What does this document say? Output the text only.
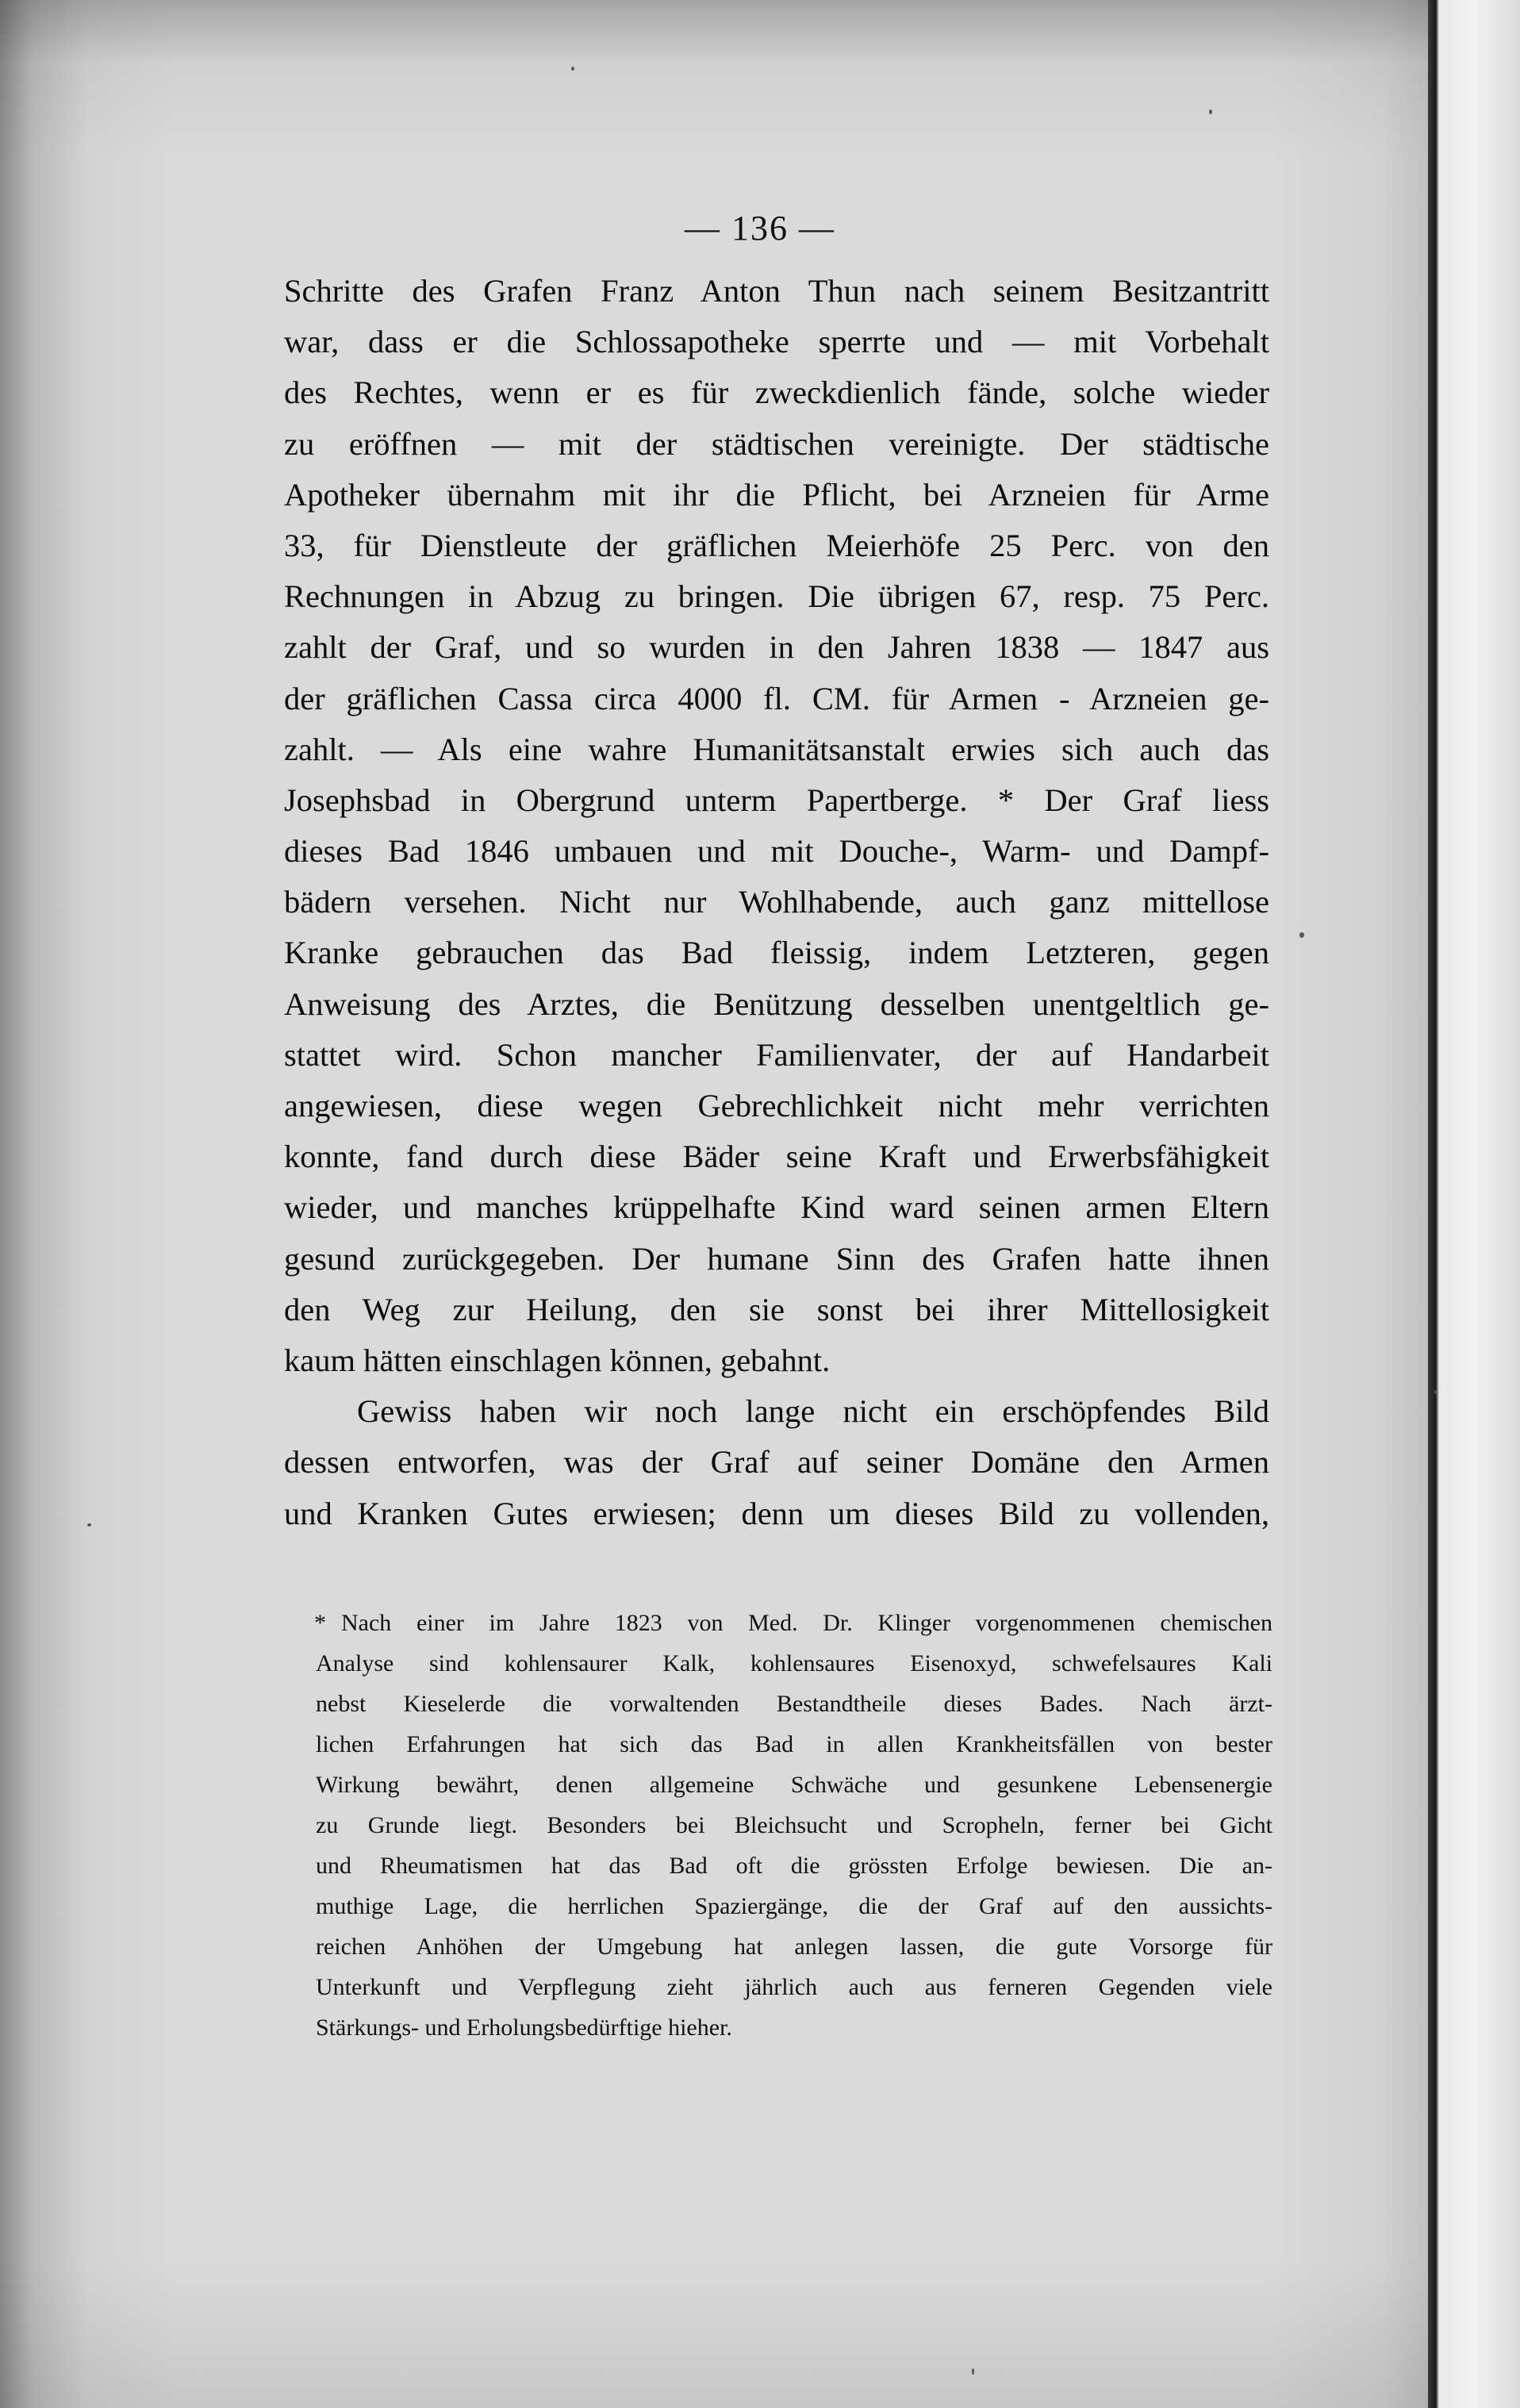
— 136 —
Schritte des Grafen Franz Anton Thun nach seinem Besitzantritt
war, dass er die Schlossapotheke sperrte und — mit Vorbehalt
des Rechtes, wenn er es für zweckdienlich fände, solche wieder
zu eröffnen — mit der städtischen vereinigte. Der städtische
Apotheker übernahm mit ihr die Pflicht, bei Arzneien für Arme
33, für Dienstleute der gräflichen Meierhöfe 25 Perc. von den
Rechnungen in Abzug zu bringen. Die übrigen 67, resp. 75 Perc.
zahlt der Graf, und so wurden in den Jahren 1838 — 1847 aus
der gräflichen Cassa circa 4000 fl. CM. für Armen - Arzneien ge-
zahlt. — Als eine wahre Humanitätsanstalt erwies sich auch das
Josephsbad in Obergrund unterm Papertberge. * Der Graf liess
dieses Bad 1846 umbauen und mit Douche-, Warm- und Dampf-
bädern versehen. Nicht nur Wohlhabende, auch ganz mittellose
Kranke gebrauchen das Bad fleissig, indem Letzteren, gegen
Anweisung des Arztes, die Benützung desselben unentgeltlich ge-
stattet wird. Schon mancher Familienvater, der auf Handarbeit
angewiesen, diese wegen Gebrechlichkeit nicht mehr verrichten
konnte, fand durch diese Bäder seine Kraft und Erwerbsfähigkeit
wieder, und manches krüppelhafte Kind ward seinen armen Eltern
gesund zurückgegeben. Der humane Sinn des Grafen hatte ihnen
den Weg zur Heilung, den sie sonst bei ihrer Mittellosigkeit
kaum hätten einschlagen können, gebahnt.
Gewiss haben wir noch lange nicht ein erschöpfendes Bild
dessen entworfen, was der Graf auf seiner Domäne den Armen
und Kranken Gutes erwiesen; denn um dieses Bild zu vollenden,
* Nach einer im Jahre 1823 von Med. Dr. Klinger vorgenommenen chemischen
Analyse sind kohlensaurer Kalk, kohlensaures Eisenoxyd, schwefelsaures Kali
nebst Kieselerde die vorwaltenden Bestandtheile dieses Bades. Nach ärzt-
lichen Erfahrungen hat sich das Bad in allen Krankheitsfällen von bester
Wirkung bewährt, denen allgemeine Schwäche und gesunkene Lebensenergie
zu Grunde liegt. Besonders bei Bleichsucht und Scropheln, ferner bei Gicht
und Rheumatismen hat das Bad oft die grössten Erfolge bewiesen. Die an-
muthige Lage, die herrlichen Spaziergänge, die der Graf auf den aussichts-
reichen Anhöhen der Umgebung hat anlegen lassen, die gute Vorsorge für
Unterkunft und Verpflegung zieht jährlich auch aus ferneren Gegenden viele
Stärkungs- und Erholungsbedürftige hieher.
